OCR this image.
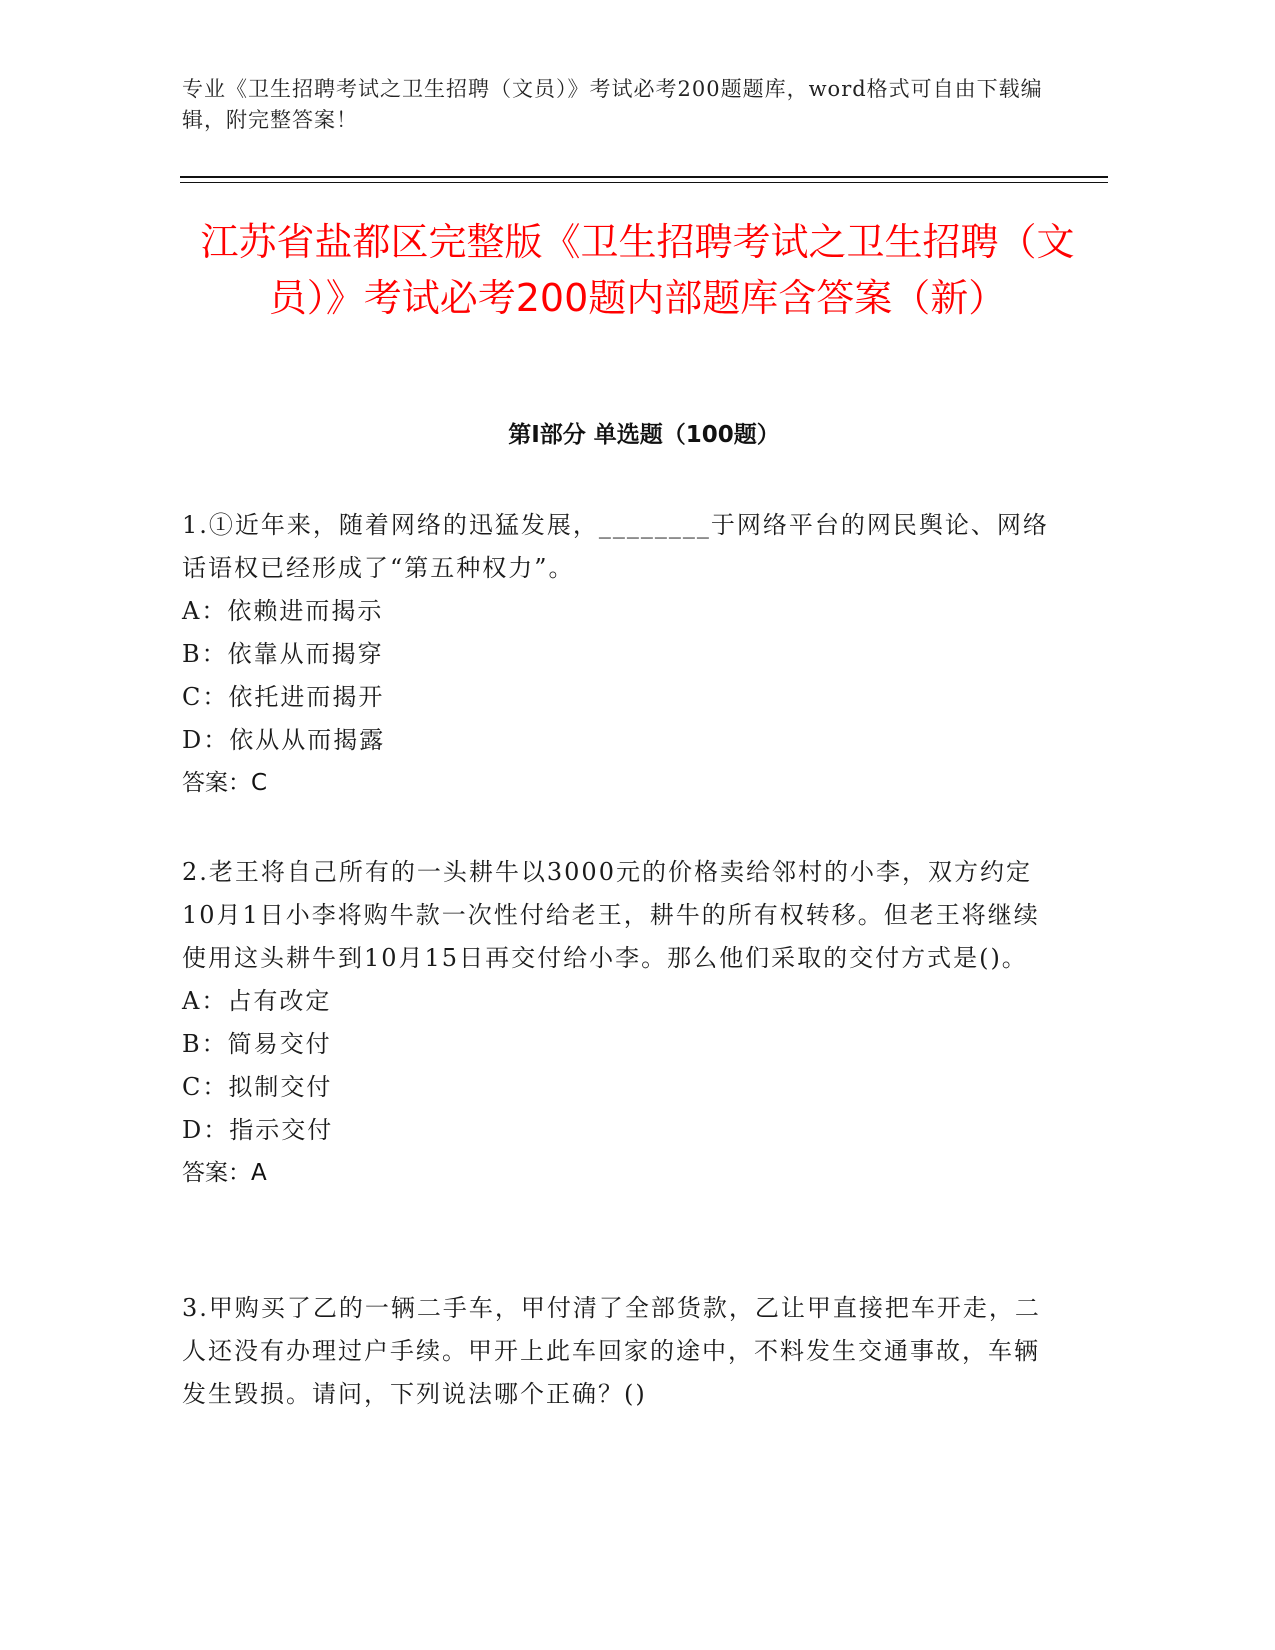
专业《卫生招聘考试之卫生招聘（文员）》考试必考200题题库，word格式可自由下载编辑，附完整答案！
江苏省盐都区完整版《卫生招聘考试之卫生招聘（文员）》考试必考200题内部题库含答案（新）
第I部分 单选题（100题）

1.①近年来，随着网络的迅猛发展，________于网络平台的网民舆论、网络话语权已经形成了“第五种权力”。

A：依赖进而揭示

B：依靠从而揭穿

C：依托进而揭开

D：依从从而揭露

答案：C

2.老王将自己所有的一头耕牛以3000元的价格卖给邻村的小李，双方约定10月1日小李将购牛款一次性付给老王，耕牛的所有权转移。但老王将继续使用这头耕牛到10月15日再交付给小李。那么他们采取的交付方式是()。

A：占有改定

B：简易交付

C：拟制交付

D：指示交付

答案：A

3.甲购买了乙的一辆二手车，甲付清了全部货款，乙让甲直接把车开走，二人还没有办理过户手续。甲开上此车回家的途中，不料发生交通事故，车辆发生毁损。请问，下列说法哪个正确？()
